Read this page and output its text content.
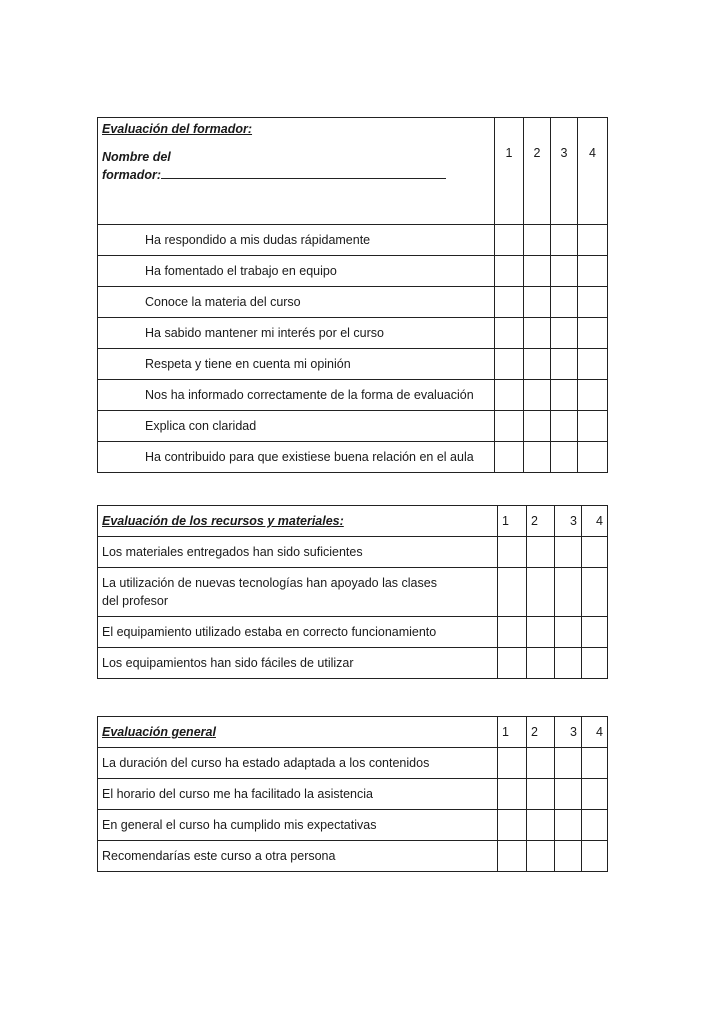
Evaluación del formador:
Nombre del
formador:	1	2	3	4
Ha respondido a mis dudas rápidamente				
Ha fomentado el trabajo en equipo				
Conoce la materia del curso				
Ha sabido mantener mi interés por el curso				
Respeta y tiene en cuenta mi opinión				
Nos ha informado correctamente de la forma de evaluación				
Explica con claridad				
Ha contribuido para que existiese buena relación en el aula				
Evaluación de los recursos y materiales:	1	2	3	4
Los materiales entregados han sido suficientes				
La utilización de nuevas tecnologías han apoyado las clases del profesor				
El equipamiento utilizado estaba en correcto funcionamiento				
Los equipamientos han sido fáciles de utilizar				
Evaluación general	1	2	3	4
La duración del curso ha estado adaptada a los contenidos				
El horario del curso me ha facilitado la asistencia				
En general el curso ha cumplido mis expectativas				
Recomendarías este curso a otra persona				
